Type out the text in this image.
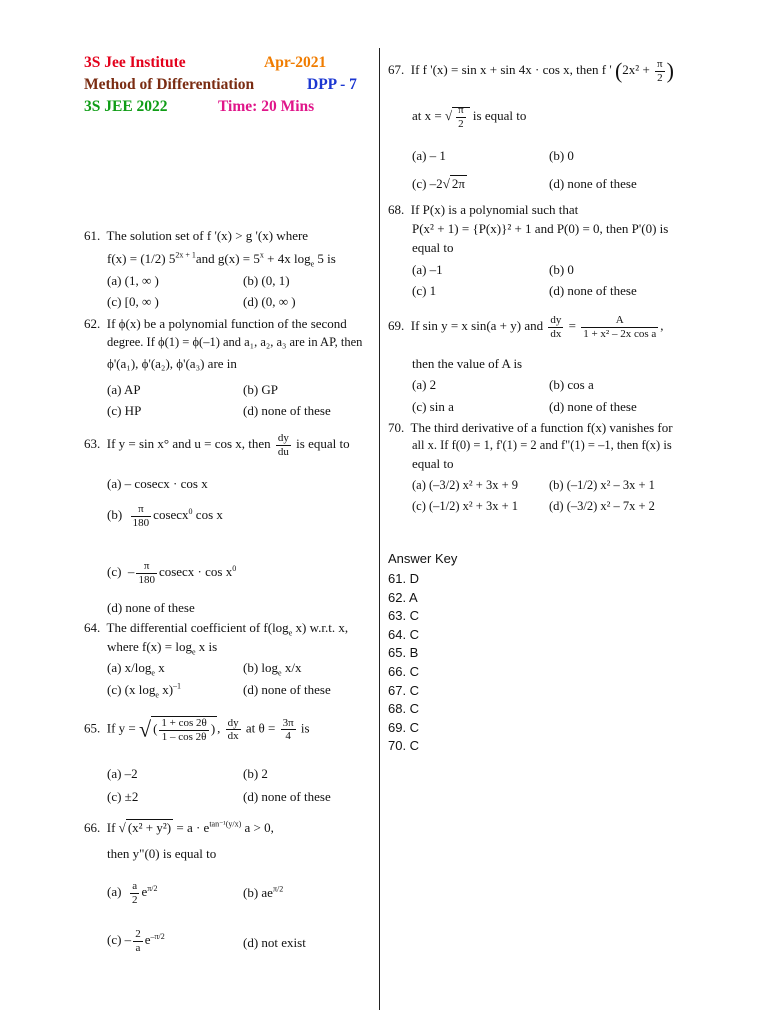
3S Jee Institute	Apr-2021
Method of Differentiation	DPP - 7
3S JEE 2022	Time: 20 Mins
61. The solution set of f '(x) > g '(x) where
f(x) = (1/2) $5^{2x + 1}and$ $g(x) = 5^x + 4x$ $\log_e 5$ is
(a) (1, ∞ )	(b) (0, 1)
(c) [0, ∞ )	(d) (0, ∞ )
62. If ϕ(x) be a polynomial function of the second
degree. If ϕ(1) = ϕ(–1) and a₁, a₂, a₃ are in AP, then
ϕ'(a₁), ϕ'(a₂), ϕ'(a₃) are in
(a) AP	(b) GP
(c) HP	(d) none of these
63. If y = sin x° and u = cos x, then $\frac{dy}{du}$ is equal to
(a) – cosecx · cos x
$(b) \frac{\pi}{180} cosecx^0$ cos x
$(c) - \frac{\pi}{180}$ $cosecx \cdot \cos x^0$
(d) none of these
64. The differential coefficient of $f(\log_e$ x) w.r.t. x,
where $f(x) = \log_e x$ is
(a) $x/\log_e$ x	(b) $\log_e x/x$
(c) (x $\log_e x)^{-1}$	(d) none of these
65. If y = √ ( $\frac{1 + \cos 2\theta}{1 - \cos 2\theta}$ ) , $\frac{dy}{dx}$ at $\theta = \frac{3\pi}{4}$ is
(a) –2	(b) 2
(c) ±2	(d) none of these
66. If √ $(x^2 + y^2) = a \cdot e^{tan^{-1}(y/x)}$ a > 0,
then y"(0) is equal to
$(a) \frac{a}{2} e^{\pi/2}$	(b) $ae^{\pi/2}$
$(c) - \frac{2}{a} e^{-\pi/2}$	(d) not exist
67. If f '(x) = sin x + sin 4x · cos x, then f ' ($2x^2 + \frac{\pi}{2}$ )
at x = √ $\frac{\pi}{2}$ is equal to
(a) – 1	(b) 0
(c) –2√ 2π	(d) none of these
68. If P(x) is a polynomial such that
P(x² + 1) = {P(x)}² + 1 and P(0) = 0, then P'(0) is
equal to
(a) –1	(b) 0
(c) 1	(d) none of these
69. If sin y = x sin(a + y) and $\frac{dy}{dx} = \frac{A}{\text{1 + x² – 2x cos a}}$ ,
then the value of A is
(a) 2	(b) cos a
(c) sin a	(d) none of these
70. The third derivative of a function f(x) vanishes for
all x. If f(0) = 1, f'(1) = 2 and f"(1) = –1, then f(x) is
equal to
(a) (–3/2) x² + 3x + 9 (b) (–1/2) x² – 3x + 1
(c) (–1/2) x² + 3x + 1 (d) (–3/2) x² – 7x + 2
Answer Key
61. D
62. A
63. C
64. C
65. B
66. C
67. C
68. C
69. C
70. C
